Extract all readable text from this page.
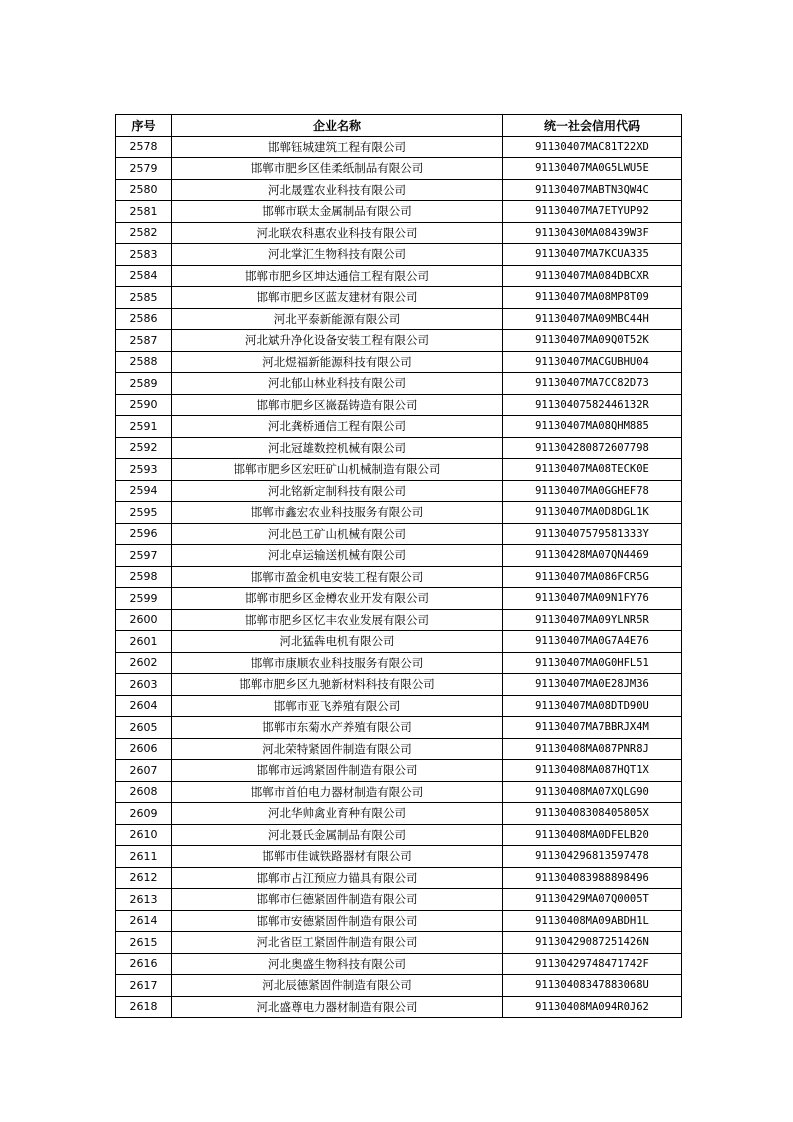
序号	企业名称	统一社会信用代码
2578	邯郸钰城建筑工程有限公司	91130407MAC81T22XD
2579	邯郸市肥乡区佳柔纸制品有限公司	91130407MA0G5LWU5E
2580	河北晟霆农业科技有限公司	91130407MABTN3QW4C
2581	邯郸市联太金属制品有限公司	91130407MA7ETYUP92
2582	河北联农科惠农业科技有限公司	91130430MA08439W3F
2583	河北掌汇生物科技有限公司	91130407MA7KCUA335
2584	邯郸市肥乡区坤达通信工程有限公司	91130407MA084DBCXR
2585	邯郸市肥乡区蓝友建材有限公司	91130407MA08MP8T09
2586	河北平泰新能源有限公司	91130407MA09MBC44H
2587	河北斌升净化设备安装工程有限公司	91130407MA09Q0T52K
2588	河北煜福新能源科技有限公司	91130407MACGUBHU04
2589	河北郁山林业科技有限公司	91130407MA7CC82D73
2590	邯郸市肥乡区嶶磊铸造有限公司	91130407582446132R
2591	河北龚桥通信工程有限公司	91130407MA08QHM885
2592	河北冠雄数控机械有限公司	911304280872607798
2593	邯郸市肥乡区宏旺矿山机械制造有限公司	91130407MA08TECK0E
2594	河北铭新定制科技有限公司	91130407MA0GGHEF78
2595	邯郸市鑫宏农业科技服务有限公司	91130407MA0D8DGL1K
2596	河北邑工矿山机械有限公司	91130407579581333Y
2597	河北卓运输送机械有限公司	91130428MA07QN4469
2598	邯郸市盈金机电安装工程有限公司	91130407MA086FCR5G
2599	邯郸市肥乡区金樽农业开发有限公司	91130407MA09N1FY76
2600	邯郸市肥乡区忆丰农业发展有限公司	91130407MA09YLNR5R
2601	河北猛犇电机有限公司	91130407MA0G7A4E76
2602	邯郸市康顺农业科技服务有限公司	91130407MA0G0HFL51
2603	邯郸市肥乡区九驰新材料科技有限公司	91130407MA0E28JM36
2604	邯郸市亚飞养殖有限公司	91130407MA08DTD90U
2605	邯郸市东菊水产养殖有限公司	91130407MA7BBRJX4M
2606	河北荣特紧固件制造有限公司	91130408MA087PNR8J
2607	邯郸市远鸿紧固件制造有限公司	91130408MA087HQT1X
2608	邯郸市首伯电力器材制造有限公司	91130408MA07XQLG90
2609	河北华帅禽业育种有限公司	91130408308405805X
2610	河北聂氏金属制品有限公司	91130408MA0DFELB20
2611	邯郸市佳诚铁路器材有限公司	911304296813597478
2612	邯郸市占江预应力锚具有限公司	911304083988898496
2613	邯郸市仨德紧固件制造有限公司	91130429MA07Q0005T
2614	邯郸市安德紧固件制造有限公司	91130408MA09ABDH1L
2615	河北省臣工紧固件制造有限公司	91130429087251426N
2616	河北奥盛生物科技有限公司	91130429748471742F
2617	河北辰德紧固件制造有限公司	91130408347883068U
2618	河北盛尊电力器材制造有限公司	91130408MA094R0J62
